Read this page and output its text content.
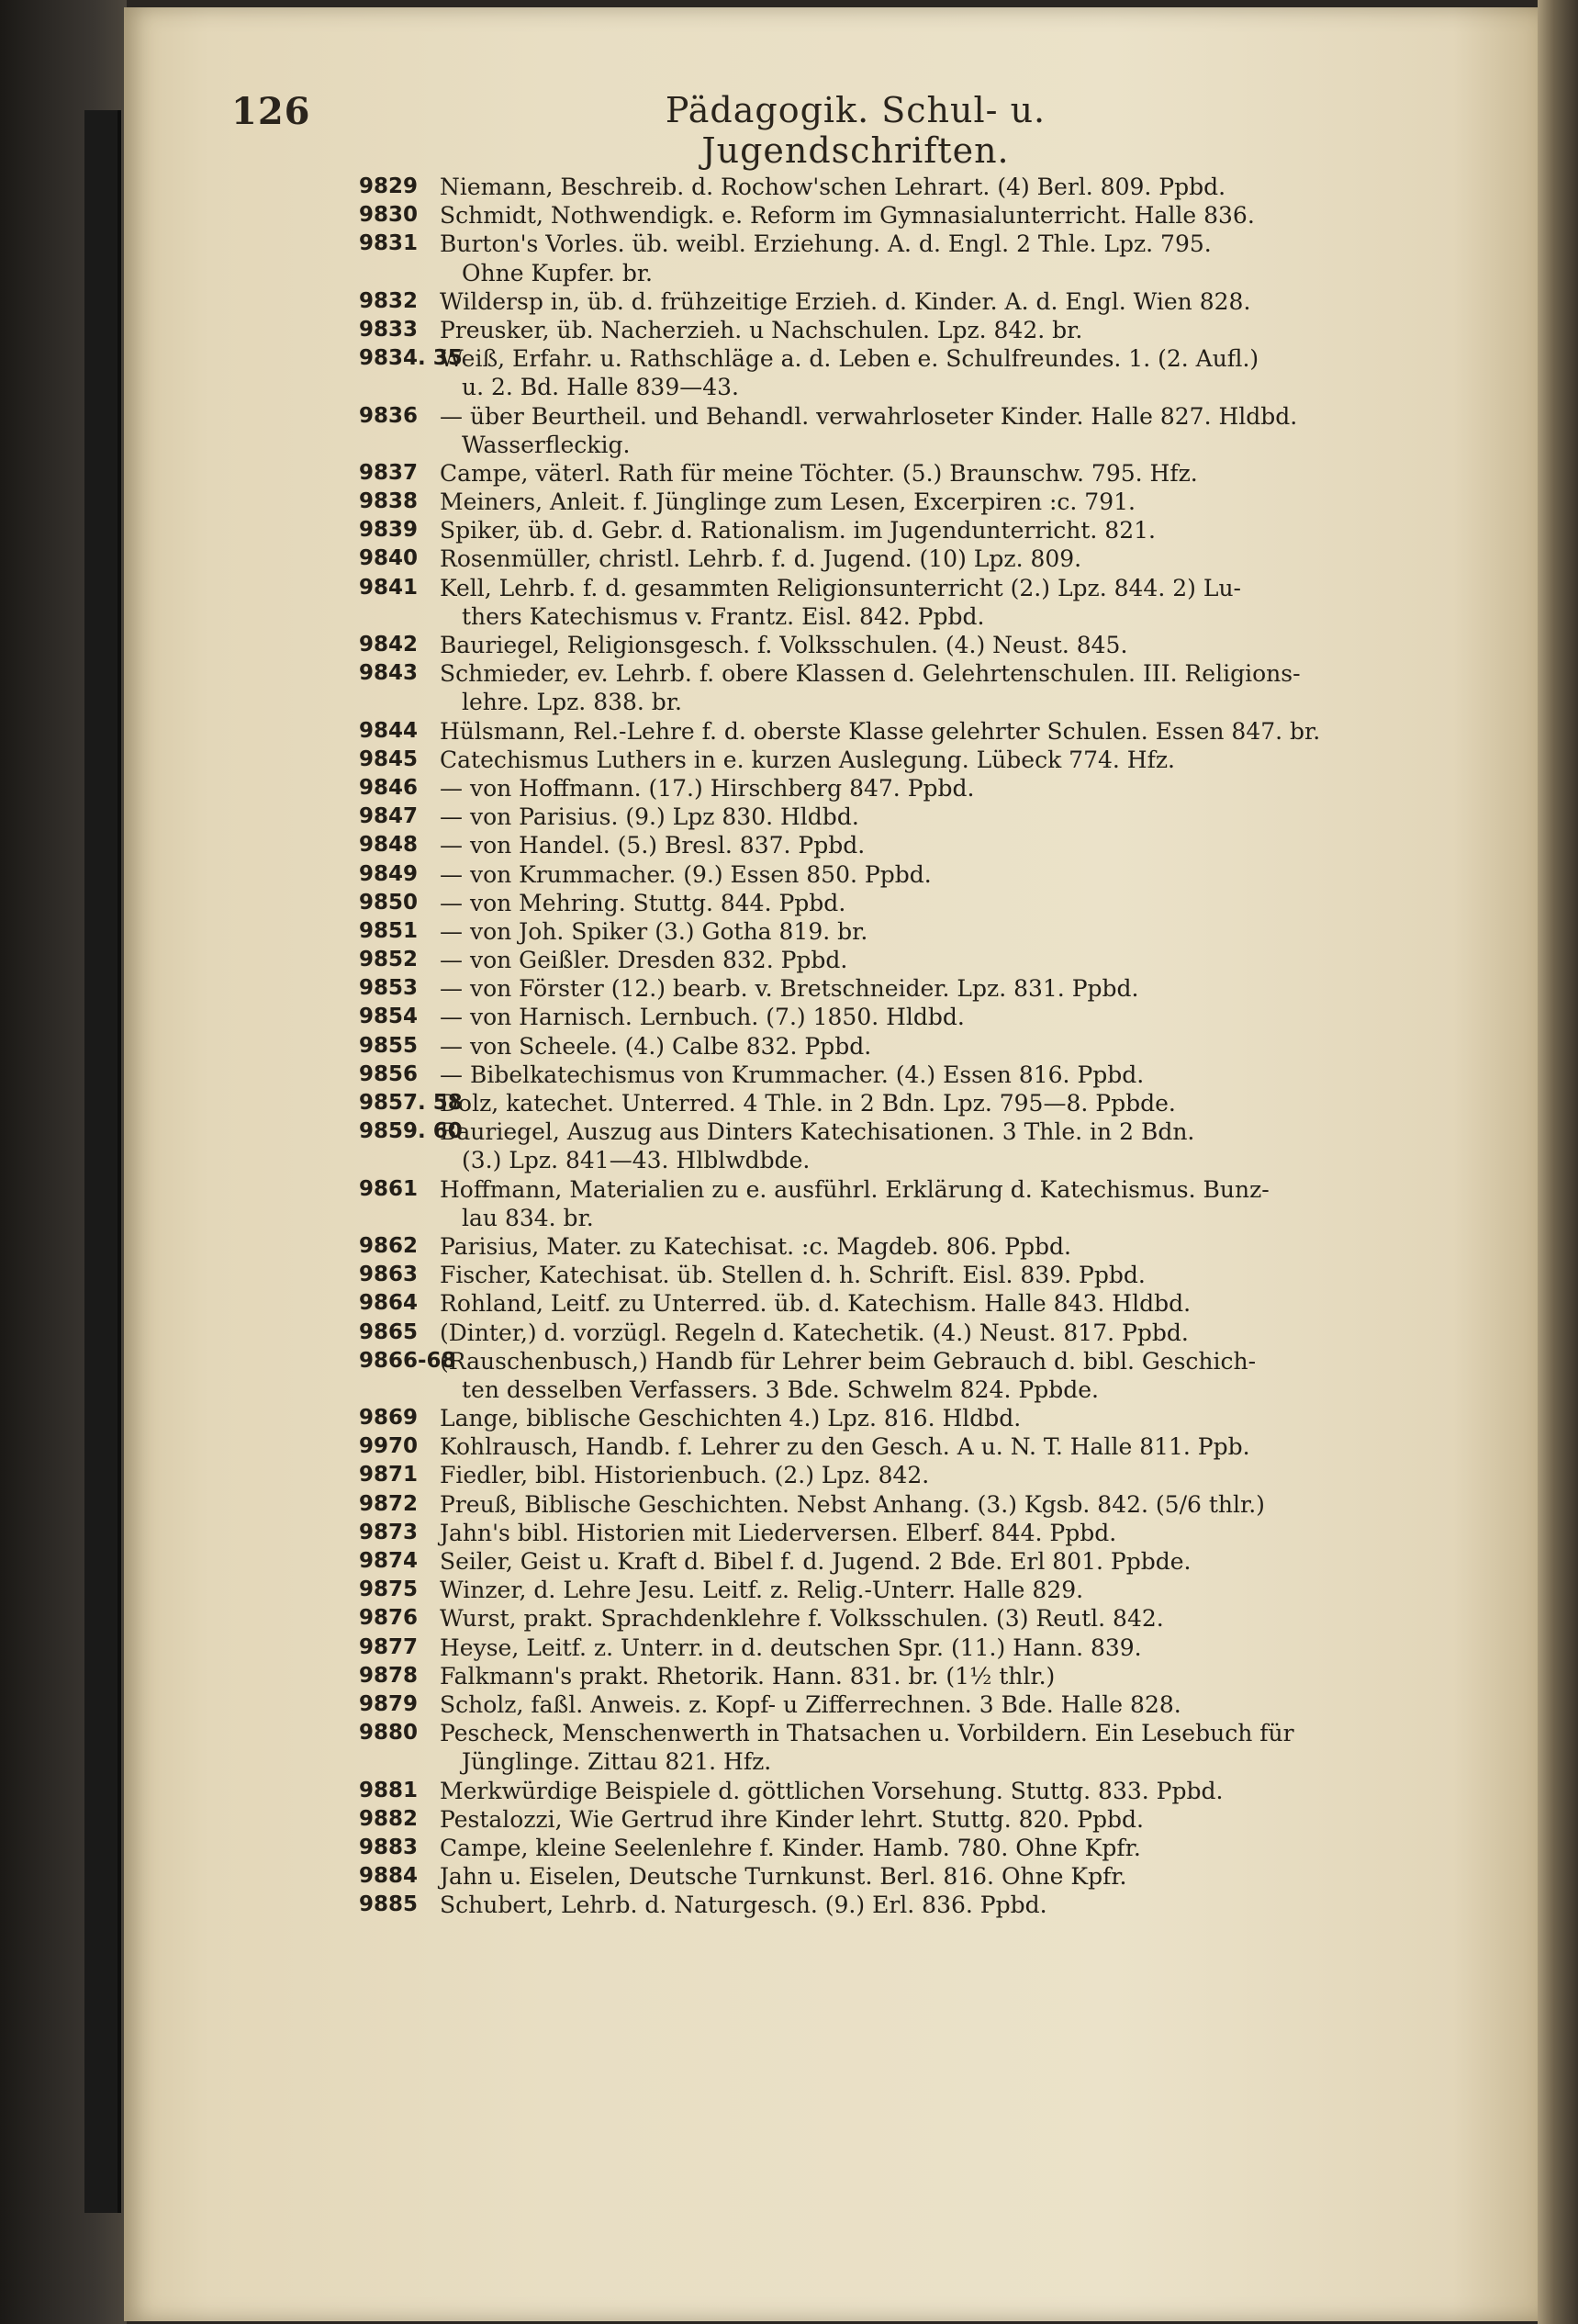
126	Pädagogik. Schul- u. Jugendschriften.
9829 Niemann, Beschreib. d. Rochow'schen Lehrart. (4) Berl. 809. Ppbd.
9830 Schmidt, Nothwendigk. e. Reform im Gymnasialunterricht. Halle 836.
9831 Burton's Vorles. üb. weibl. Erziehung. A. d. Engl. 2 Thle. Lpz. 795.
Ohne Kupfer. br.
9832 Wildersp in, üb. d. frühzeitige Erzieh. d. Kinder. A. d. Engl. Wien 828.
9833 Preusker, üb. Nacherzieh. u Nachschulen. Lpz. 842. br.
9834. 35
Weiß, Erfahr. u. Rathschläge a. d. Leben e. Schulfreundes. 1. (2. Aufl.)
u. 2. Bd. Halle 839—43.
9836 — über Beurtheil. und Behandl. verwahrloseter Kinder. Halle 827. Hldbd.
Wasserfleckig.
9837 Campe, väterl. Rath für meine Töchter. (5.) Braunschw. 795. Hfz.
9838 Meiners, Anleit. f. Jünglinge zum Lesen, Excerpiren :c. 791.
9839 Spiker, üb. d. Gebr. d. Rationalism. im Jugendunterricht. 821.
9840 Rosenmüller, christl. Lehrb. f. d. Jugend. (10) Lpz. 809.
9841 Kell, Lehrb. f. d. gesammten Religionsunterricht (2.) Lpz. 844. 2) Lu-
thers Katechismus v. Frantz. Eisl. 842. Ppbd.
9842 Bauriegel, Religionsgesch. f. Volksschulen. (4.) Neust. 845.
9843 Schmieder, ev. Lehrb. f. obere Klassen d. Gelehrtenschulen. III. Religions-
lehre. Lpz. 838. br.
9844 Hülsmann, Rel.-Lehre f. d. oberste Klasse gelehrter Schulen. Essen 847. br.
9845 Catechismus Luthers in e. kurzen Auslegung. Lübeck 774. Hfz.
9846 — von Hoffmann. (17.) Hirschberg 847. Ppbd.
9847 — von Parisius. (9.) Lpz 830. Hldbd.
9848 — von Handel. (5.) Bresl. 837. Ppbd.
9849 — von Krummacher. (9.) Essen 850. Ppbd.
9850 — von Mehring. Stuttg. 844. Ppbd.
9851 — von Joh. Spiker (3.) Gotha 819. br.
9852 — von Geißler. Dresden 832. Ppbd.
9853 — von Förster (12.) bearb. v. Bretschneider. Lpz. 831. Ppbd.
9854 — von Harnisch. Lernbuch. (7.) 1850. Hldbd.
9855 — von Scheele. (4.) Calbe 832. Ppbd.
9856 — Bibelkatechismus von Krummacher. (4.) Essen 816. Ppbd.
9857. 58
Dolz, katechet. Unterred. 4 Thle. in 2 Bdn. Lpz. 795—8. Ppbde.
9859. 60
Bauriegel, Auszug aus Dinters Katechisationen. 3 Thle. in 2 Bdn.
(3.) Lpz. 841—43. Hlblwdbde.
9861 Hoffmann, Materialien zu e. ausführl. Erklärung d. Katechismus. Bunz-
lau 834. br.
9862 Parisius, Mater. zu Katechisat. :c. Magdeb. 806. Ppbd.
9863 Fischer, Katechisat. üb. Stellen d. h. Schrift. Eisl. 839. Ppbd.
9864 Rohland, Leitf. zu Unterred. üb. d. Katechism. Halle 843. Hldbd.
9865 (Dinter,) d. vorzügl. Regeln d. Katechetik. (4.) Neust. 817. Ppbd.
9866-68
(Rauschenbusch,) Handb für Lehrer beim Gebrauch d. bibl. Geschich-
ten desselben Verfassers. 3 Bde. Schwelm 824. Ppbde.
9869 Lange, biblische Geschichten 4.) Lpz. 816. Hldbd.
9970 Kohlrausch, Handb. f. Lehrer zu den Gesch. A u. N. T. Halle 811. Ppb.
9871 Fiedler, bibl. Historienbuch. (2.) Lpz. 842.
9872 Preuß, Biblische Geschichten. Nebst Anhang. (3.) Kgsb. 842. (5/6 thlr.)
9873 Jahn's bibl. Historien mit Liederversen. Elberf. 844. Ppbd.
9874 Seiler, Geist u. Kraft d. Bibel f. d. Jugend. 2 Bde. Erl 801. Ppbde.
9875 Winzer, d. Lehre Jesu. Leitf. z. Relig.-Unterr. Halle 829.
9876 Wurst, prakt. Sprachdenklehre f. Volksschulen. (3) Reutl. 842.
9877 Heyse, Leitf. z. Unterr. in d. deutschen Spr. (11.) Hann. 839.
9878 Falkmann's prakt. Rhetorik. Hann. 831. br. (1½ thlr.)
9879 Scholz, faßl. Anweis. z. Kopf- u Zifferrechnen. 3 Bde. Halle 828.
9880 Pescheck, Menschenwerth in Thatsachen u. Vorbildern. Ein Lesebuch für
Jünglinge. Zittau 821. Hfz.
9881 Merkwürdige Beispiele d. göttlichen Vorsehung. Stuttg. 833. Ppbd.
9882 Pestalozzi, Wie Gertrud ihre Kinder lehrt. Stuttg. 820. Ppbd.
9883 Campe, kleine Seelenlehre f. Kinder. Hamb. 780. Ohne Kpfr.
9884 Jahn u. Eiselen, Deutsche Turnkunst. Berl. 816. Ohne Kpfr.
9885 Schubert, Lehrb. d. Naturgesch. (9.) Erl. 836. Ppbd.
